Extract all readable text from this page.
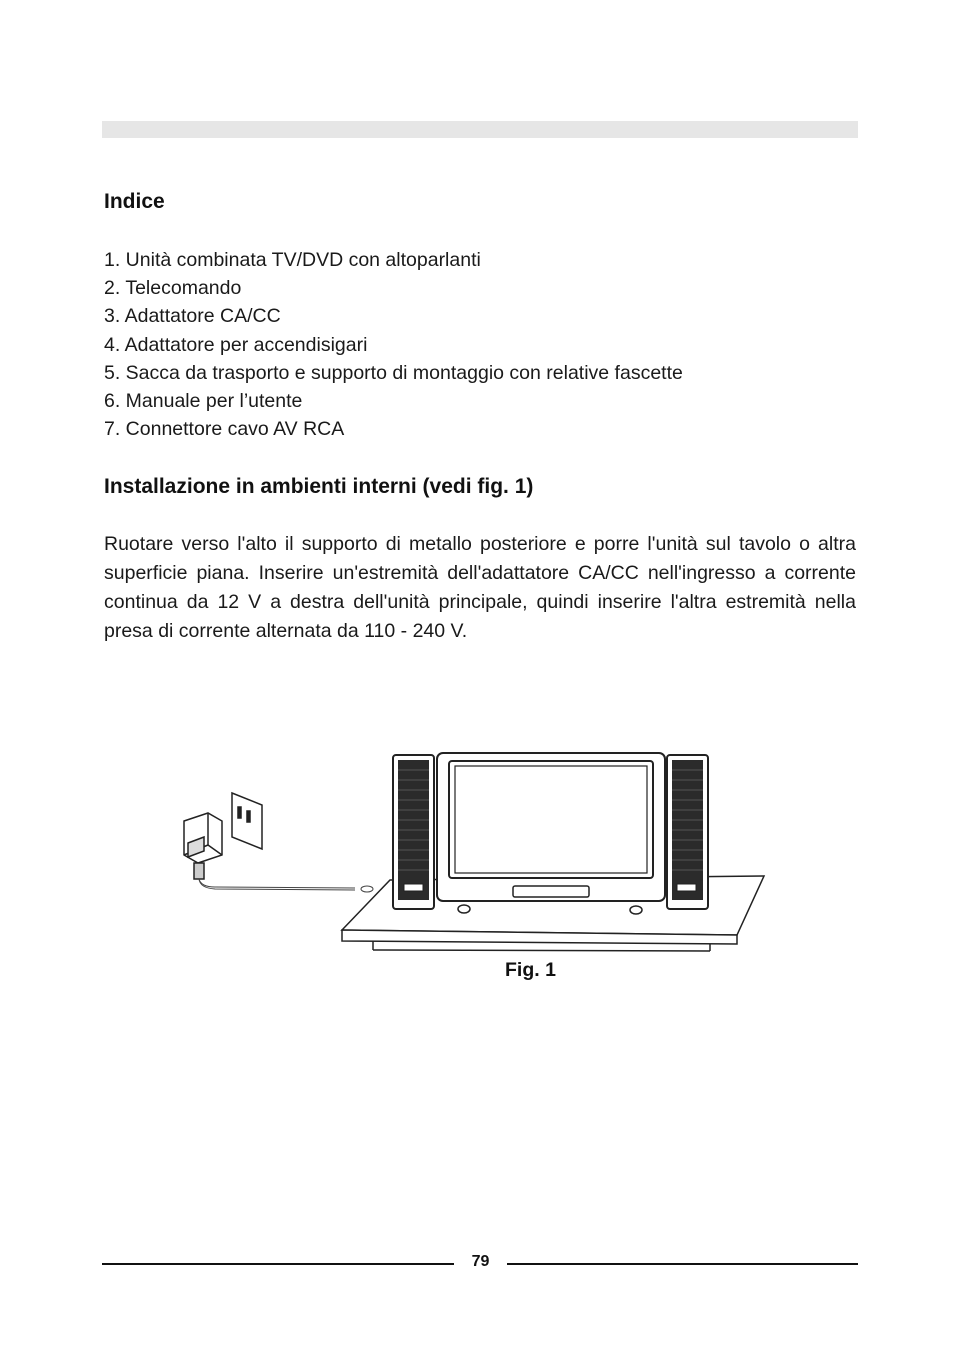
Indice
1. Unità combinata TV/DVD con altoparlanti
2. Telecomando
3. Adattatore CA/CC
4. Adattatore per accendisigari
5. Sacca da trasporto e supporto di montaggio con relative fascette
6. Manuale per l’utente
7. Connettore cavo AV RCA
Installazione in ambienti interni (vedi fig. 1)

Ruotare verso l'alto il supporto di metallo posteriore e porre l'unità sul tavolo o altra superficie piana. Inserire un'estremità dell'adattatore CA/CC nell'ingresso a corrente continua da 12 V a destra dell'unità principale, quindi inserire l'altra estremità nella presa di corrente alternata da 110 - 240 V.

Fig. 1
79
